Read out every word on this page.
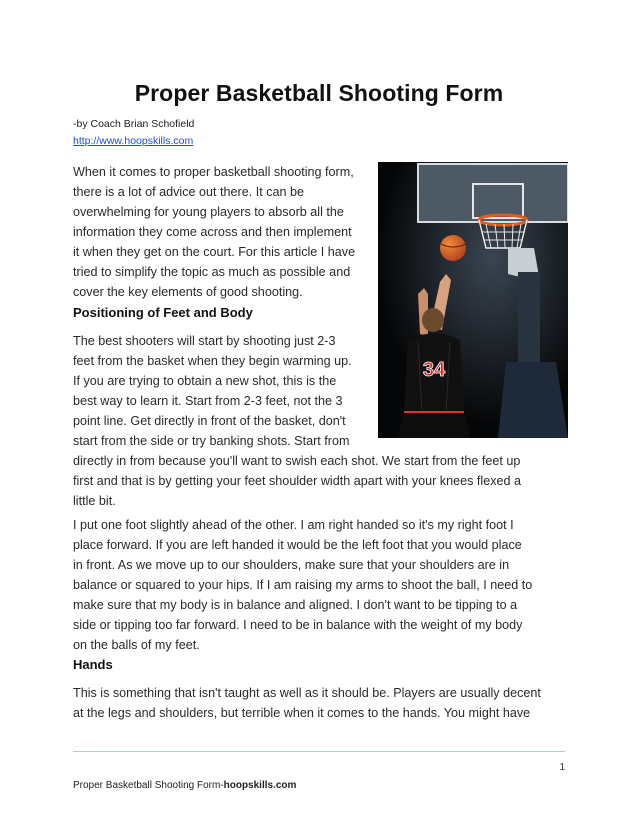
Proper Basketball Shooting Form
-by Coach Brian Schofield
http://www.hoopskills.com
When it comes to proper basketball shooting form,
there is a lot of advice out there. It can be
overwhelming for young players to absorb all the
information they come across and then implement
it when they get on the court. For this article I have
tried to simplify the topic as much as possible and
cover the key elements of good shooting.
Positioning of Feet and Body
The best shooters will start by shooting just 2-3
feet from the basket when they begin warming up.
If you are trying to obtain a new shot, this is the
best way to learn it. Start from 2-3 feet, not the 3
point line. Get directly in front of the basket, don't
start from the side or try banking shots. Start from
directly in from because you'll want to swish each shot. We start from the feet up
first and that is by getting your feet shoulder width apart with your knees flexed a
little bit.
I put one foot slightly ahead of the other. I am right handed so it's my right foot I
place forward. If you are left handed it would be the left foot that you would place
in front. As we move up to our shoulders, make sure that your shoulders are in
balance or squared to your hips. If I am raising my arms to shoot the ball, I need to
make sure that my body is in balance and aligned. I don't want to be tipping to a
side or tipping too far forward. I need to be in balance with the weight of my body
on the balls of my feet.
Hands
This is something that isn't taught as well as it should be. Players are usually decent
at the legs and shoulders, but terrible when it comes to the hands. You might have
34
1
Proper Basketball Shooting Form-hoopskills.com
